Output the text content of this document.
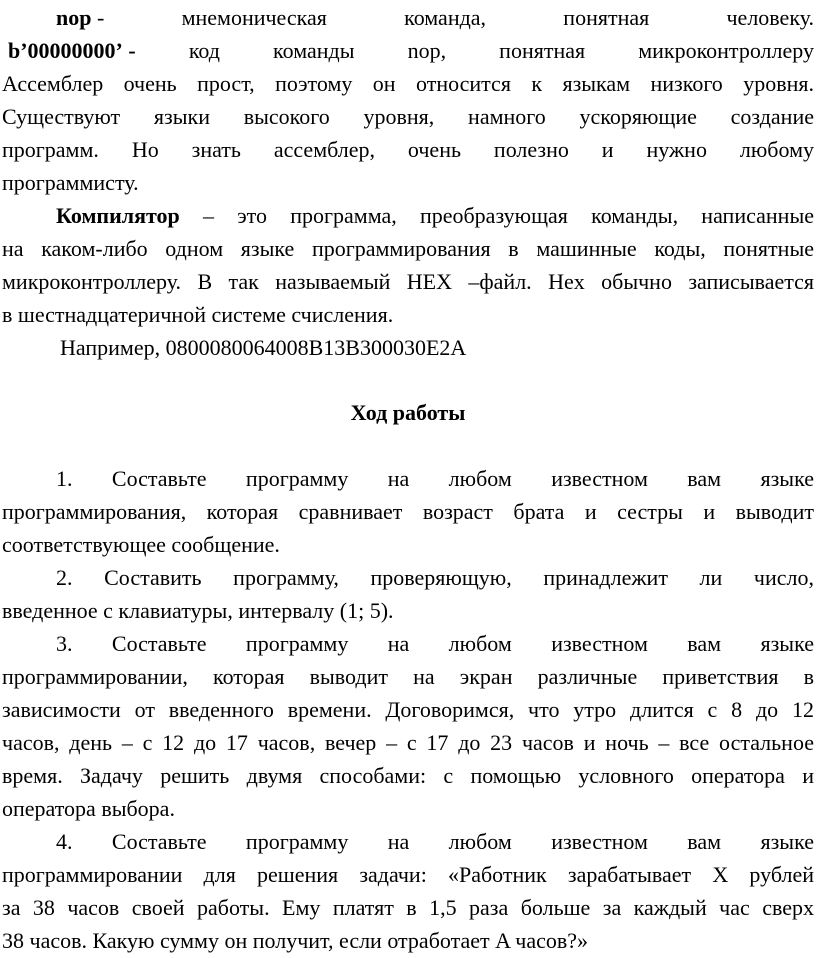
nop -	мнемоническая	команда,	понятная	человеку.
b’00000000’ - код команды nop, понятная микроконтроллеру
Ассемблер очень прост, поэтому он относится к языкам низкого уровня.
Существуют языки высокого уровня, намного ускоряющие создание
программ. Но знать ассемблер, очень полезно и нужно любому
программисту.
Компилятор – это программа, преобразующая команды, написанные
на каком-либо одном языке программирования в машинные коды, понятные
микроконтроллеру. В так называемый HEX –файл. Hex обычно записывается
в шестнадцатеричной системе счисления.
Например, 0800080064008B13B300030E2A
Ход работы
1. Составьте программу на любом известном вам языке
программирования, которая сравнивает возраст брата и сестры и выводит
соответствующее сообщение.
2. Составить программу, проверяющую, принадлежит ли число,
введенное с клавиатуры, интервалу (1; 5).
3. Составьте программу на любом известном вам языке
программировании, которая выводит на экран различные приветствия в
зависимости от введенного времени. Договоримся, что утро длится с 8 до 12
часов, день – с 12 до 17 часов, вечер – с 17 до 23 часов и ночь – все остальное
время. Задачу решить двумя способами: с помощью условного оператора и
оператора выбора.
4. Составьте программу на любом известном вам языке
программировании для решения задачи: «Работник зарабатывает X рублей
за 38 часов своей работы. Ему платят в 1,5 раза больше за каждый час сверх
38 часов. Какую сумму он получит, если отработает A часов?»
